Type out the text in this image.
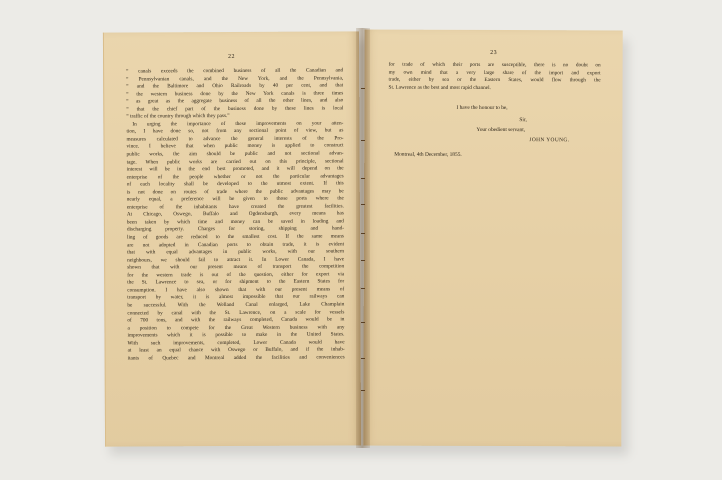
22
“ canals exceeds the combined business of all the Canadian and
“ Pennsylvanian canals, and the New York, and the Pennsylvania,
“ and the Baltimore and Ohio Railroads by 40 per cent, and that
“ the western business done by the New York canals is three times
“ as great as the aggregate business of all the other lines, and also
“ that the chief part of the business done by these lines is local
“ traffic of the country through which they pass.”
In urging the importance of these improvements on your atten-
tion, I have done so, not from any sectional point of view, but as
measures calculated to advance the general interests of the Pro-
vince. I believe that when public money is applied to construct
public works, the aim should be public and not sectional advan-
tage. When public works are carried out on this principle, sectional
interest will be in the end best promoted, and it will depend on the
enterprise of the people whether or not the particular advantages
of each locality shall be developed to the utmost extent. If this
is not done on routes of trade where the public advantages may be
nearly equal, a preference will be given to those ports where the
enterprise of the inhabitants have created the greatest facilities.
At Chicago, Oswego, Buffalo and Ogdensburgh, every means has
been taken by which time and money can be saved in loading and
discharging property. Charges for storing, shipping and hand-
ling of goods are reduced to the smallest cost. If the same means
are not adopted in Canadian ports to obtain trade, it is evident
that with equal advantages in public works, with our southern
neighbours, we should fail to attract it. In Lower Canada, I have
shown that with our present means of transport the competition
for the western trade is out of the question, either for export via
the St. Lawrence to sea, or for shipment to the Eastern States for
consumption. I have also shown that with our present means of
transport by water, it is almost impossible that our railways can
be successful. With the Welland Canal enlarged, Lake Champlain
connected by canal with the St. Lawrence, on a scale for vessels
of 700 tons, and with the railways completed, Canada would be in
a position to compete for the Great Western business with any
improvements which it is possible to make in the United States.
With such improvements, completed, Lower Canada would have
at least an equal chance with Oswego or Buffalo, and if the inhab-
itants of Quebec and Montreal added the facilities and conveniences
23
for trade of which their ports are susceptible, there is no doubt on
my own mind that a very large share of the import and export
trade, either by sea or the Eastern States, would flow through the
St. Lawrence as the best and most rapid channel.
I have the honour to be,
Sir,
Your obedient servant,
JOHN YOUNG.
Montreal, 4th December, 1855.
